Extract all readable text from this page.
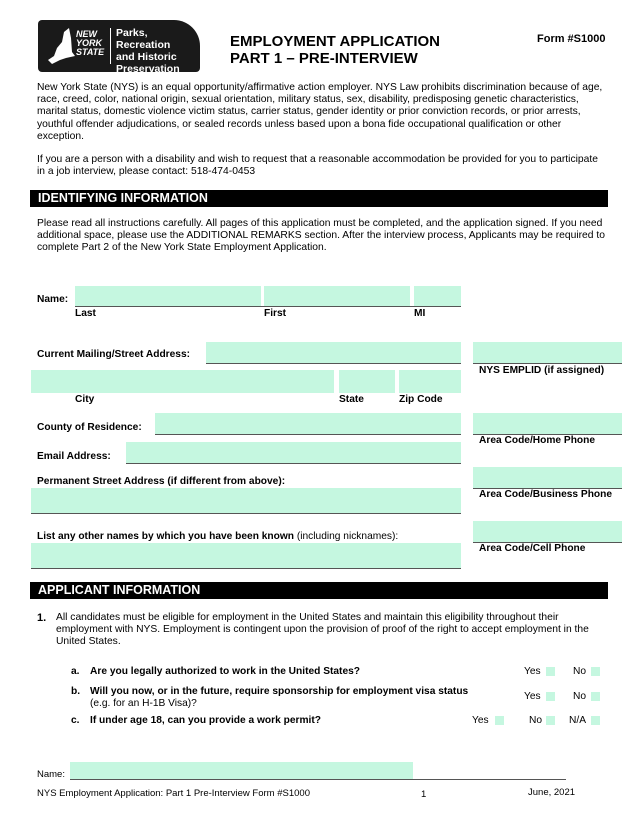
NEW
YORK
STATE
Parks, Recreation
and Historic
Preservation
EMPLOYMENT APPLICATION
PART 1 – PRE-INTERVIEW
Form #S1000
New York State (NYS) is an equal opportunity/affirmative action employer. NYS Law prohibits discrimination because of age, race, creed, color, national origin, sexual orientation, military status, sex, disability, predisposing genetic characteristics, marital status, domestic violence victim status, carrier status, gender identity or prior conviction records, or prior arrests, youthful offender adjudications, or sealed records unless based upon a bona fide occupational qualification or other exception.
If you are a person with a disability and wish to request that a reasonable accommodation be provided for you to participate in a job interview, please contact: 518-474-0453
IDENTIFYING INFORMATION
Please read all instructions carefully. All pages of this application must be completed, and the application signed. If you need additional space, please use the ADDITIONAL REMARKS section. After the interview process, Applicants may be required to complete Part 2 of the New York State Employment Application.
Name:
Last	First	MI
Current Mailing/Street Address:
City	State	Zip Code
County of Residence:
Email Address:
Permanent Street Address (if different from above):
List any other names by which you have been known (including nicknames):
NYS EMPLID (if assigned)
Area Code/Home Phone
Area Code/Business Phone
Area Code/Cell Phone
APPLICANT INFORMATION
1. All candidates must be eligible for employment in the United States and maintain this eligibility throughout their employment with NYS. Employment is contingent upon the provision of proof of the right to accept employment in the United States.
a. Are you legally authorized to work in the United States?	Yes	No
b. Will you now, or in the future, require sponsorship for employment visa status
(e.g. for an H-1B Visa)?
Yes	No
c. If under age 18, can you provide a work permit?	Yes	No	N/A
Name:
NYS Employment Application: Part 1 Pre-Interview Form #S1000	1	June, 2021
